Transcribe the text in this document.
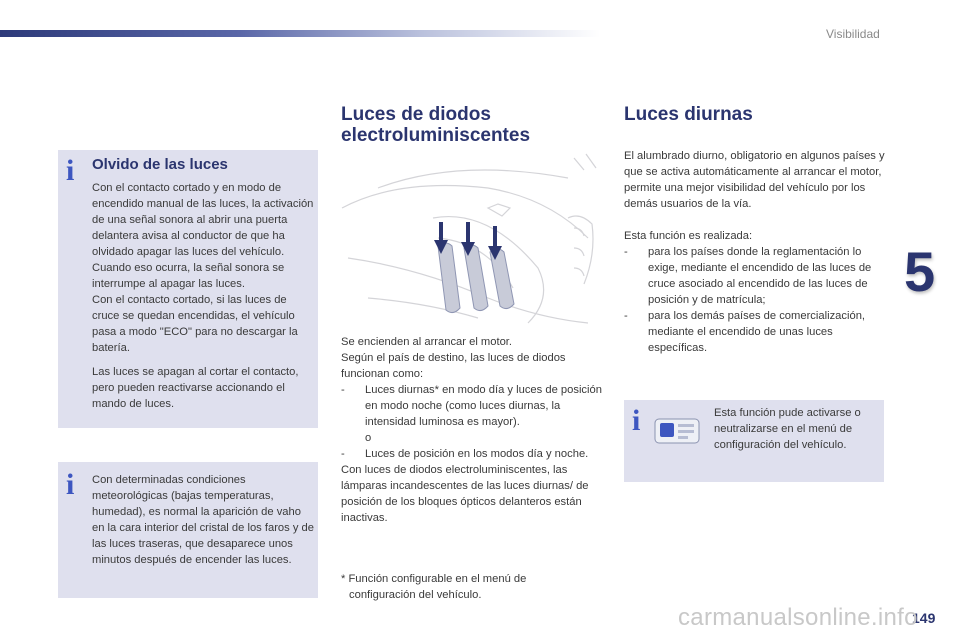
Visibilidad
5
149
carmanualsonline.info
i Olvido de las luces

Con el contacto cortado y en modo de encendido manual de las luces, la activación de una señal sonora al abrir una puerta delantera avisa al conductor de que ha olvidado apagar las luces del vehículo.

Cuando eso ocurra, la señal sonora se interrumpe al apagar las luces.

Con el contacto cortado, si las luces de cruce se quedan encendidas, el vehículo pasa a modo "ECO" para no descargar la batería.

Las luces se apagan al cortar el contacto, pero pueden reactivarse accionando el mando de luces.

i Con determinadas condiciones meteorológicas (bajas temperaturas, humedad), es normal la aparición de vaho en la cara interior del cristal de los faros y de las luces traseras, que desaparece unos minutos después de encender las luces.
Luces de diodos electroluminiscentes

Se encienden al arrancar el motor.

Según el país de destino, las luces de diodos funcionan como:

- Luces diurnas* en modo día y luces de posición en modo noche (como luces diurnas, la intensidad luminosa es mayor).

o

- Luces de posición en los modos día y noche.

Con luces de diodos electroluminiscentes, las lámparas incandescentes de las luces diurnas/ de posición de los bloques ópticos delanteros están inactivas.

* Función configurable en el menú de configuración del vehículo.
Luces diurnas

El alumbrado diurno, obligatorio en algunos países y que se activa automáticamente al arrancar el motor, permite una mejor visibilidad del vehículo por los demás usuarios de la vía.

Esta función es realizada:

- para los países donde la reglamentación lo exige, mediante el encendido de las luces de cruce asociado al encendido de las luces de posición y de matrícula;
- para los demás países de comercialización, mediante el encendido de unas luces específicas.
i	Esta función pude activarse o neutralizarse en el menú de configuración del vehículo.
